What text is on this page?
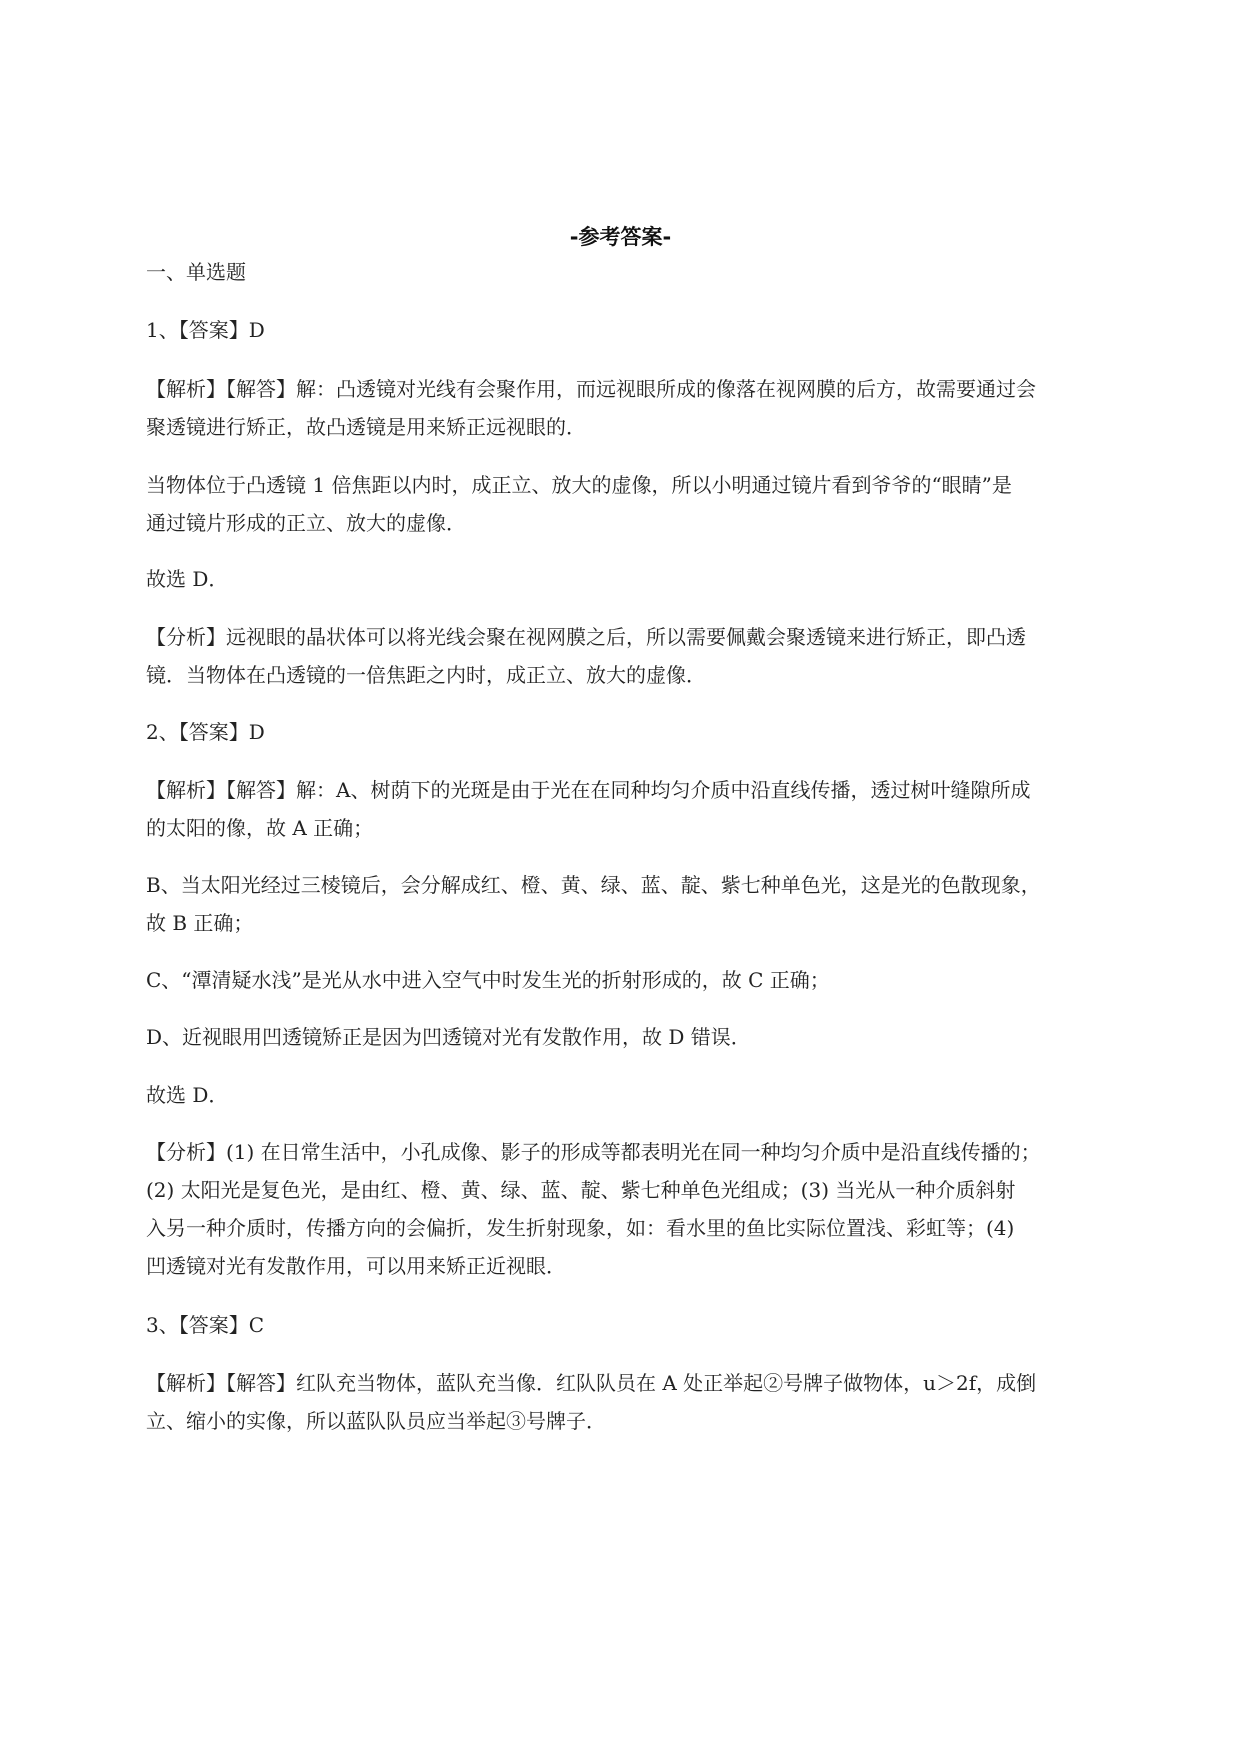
-参考答案-
一、单选题
1、【答案】D
【解析】【解答】解：凸透镜对光线有会聚作用，而远视眼所成的像落在视网膜的后方，故需要通过会
聚透镜进行矫正，故凸透镜是用来矫正远视眼的．
当物体位于凸透镜 1 倍焦距以内时，成正立、放大的虚像，所以小明通过镜片看到爷爷的“眼睛”是
通过镜片形成的正立、放大的虚像．
故选 D．
【分析】远视眼的晶状体可以将光线会聚在视网膜之后，所以需要佩戴会聚透镜来进行矫正，即凸透
镜．当物体在凸透镜的一倍焦距之内时，成正立、放大的虚像．
2、【答案】D
【解析】【解答】解：A、树荫下的光斑是由于光在在同种均匀介质中沿直线传播，透过树叶缝隙所成
的太阳的像，故 A 正确；
B、当太阳光经过三棱镜后，会分解成红、橙、黄、绿、蓝、靛、紫七种单色光，这是光的色散现象，
故 B 正确；
C、“潭清疑水浅”是光从水中进入空气中时发生光的折射形成的，故 C 正确；
D、近视眼用凹透镜矫正是因为凹透镜对光有发散作用，故 D 错误．
故选 D．
【分析】(1) 在日常生活中，小孔成像、影子的形成等都表明光在同一种均匀介质中是沿直线传播的；
(2) 太阳光是复色光，是由红、橙、黄、绿、蓝、靛、紫七种单色光组成；(3) 当光从一种介质斜射
入另一种介质时，传播方向的会偏折，发生折射现象，如：看水里的鱼比实际位置浅、彩虹等；(4)
凹透镜对光有发散作用，可以用来矫正近视眼．
3、【答案】C
【解析】【解答】红队充当物体，蓝队充当像．红队队员在 A 处正举起②号牌子做物体，u＞2f，成倒
立、缩小的实像，所以蓝队队员应当举起③号牌子．
